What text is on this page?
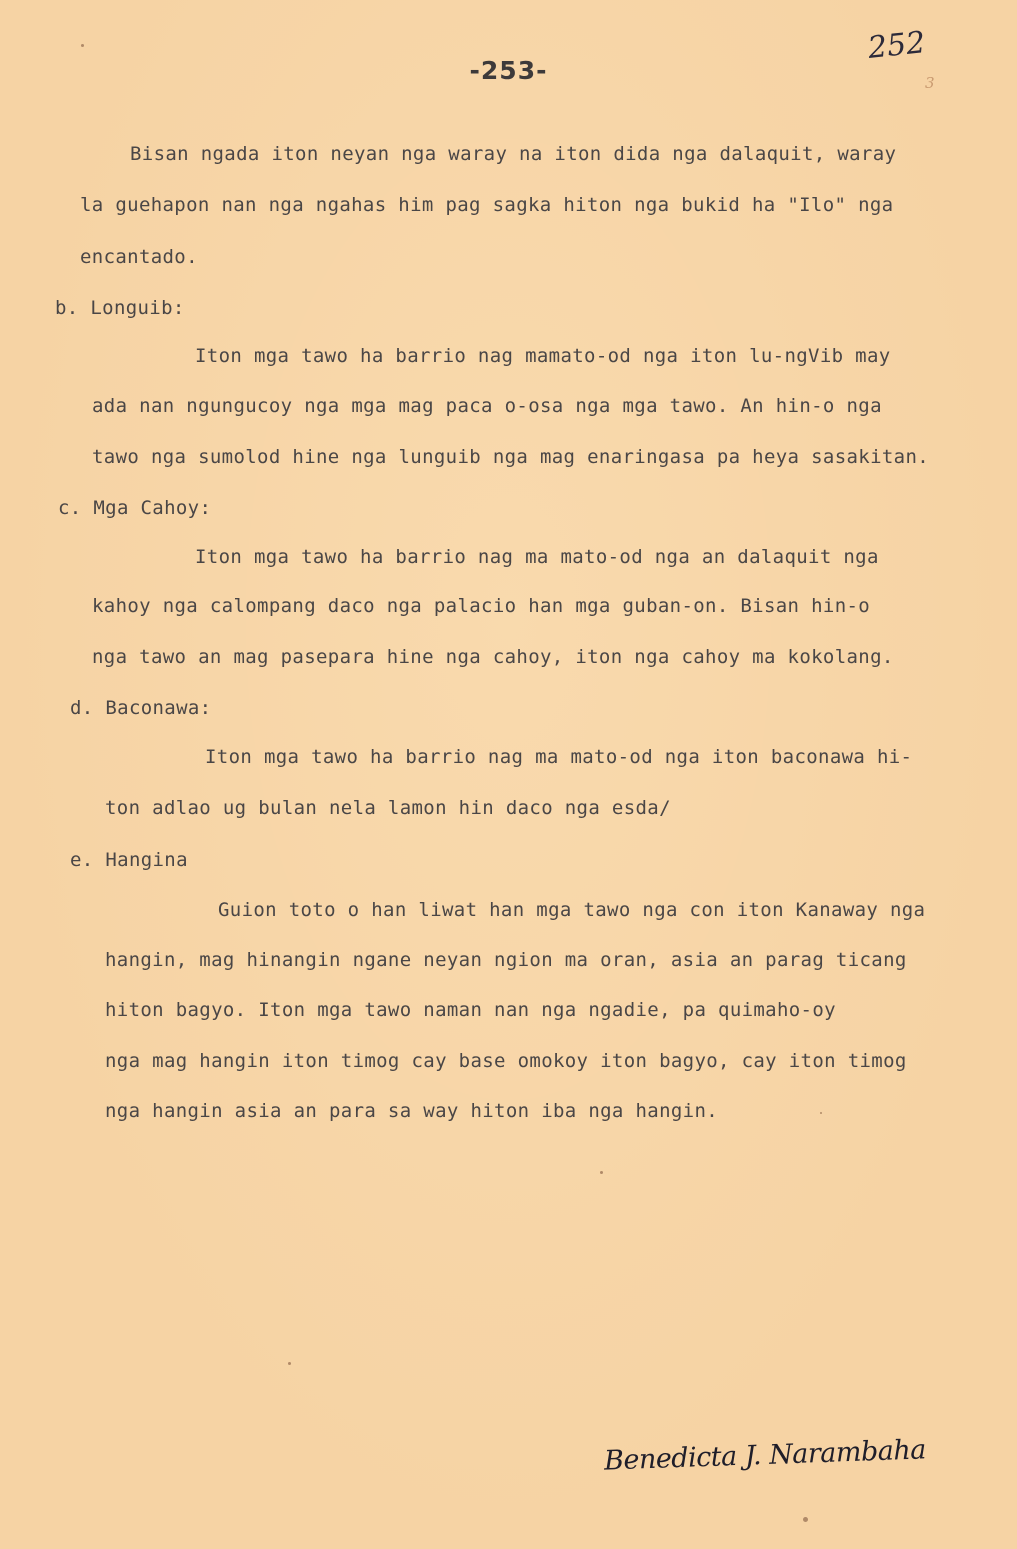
-253-
252
3
Bisan ngada iton neyan nga waray na iton dida nga dalaquit, waray
la guehapon nan nga ngahas him pag sagka hiton nga bukid ha "Ilo" nga
encantado.
b. Longuib:
Iton mga tawo ha barrio nag mamato-od nga iton lu-ngVib may
ada nan ngungucoy nga mga mag paca o-osa nga mga tawo. An hin-o nga
tawo nga sumolod hine nga lunguib nga mag enaringasa pa heya sasakitan.
c. Mga Cahoy:
Iton mga tawo ha barrio nag ma mato-od nga an dalaquit nga
kahoy nga calompang daco nga palacio han mga guban-on. Bisan hin-o
nga tawo an mag pasepara hine nga cahoy, iton nga cahoy ma kokolang.
d. Baconawa:
Iton mga tawo ha barrio nag ma mato-od nga iton baconawa hi-
ton adlao ug bulan nela lamon hin daco nga esda/
e. Hangina
Guion toto o han liwat han mga tawo nga con iton Kanaway nga
hangin, mag hinangin ngane neyan ngion ma oran, asia an parag ticang
hiton bagyo. Iton mga tawo naman nan nga ngadie, pa quimaho-oy
nga mag hangin iton timog cay base omokoy iton bagyo, cay iton timog
nga hangin asia an para sa way hiton iba nga hangin.
Benedicta J. Narambaha
